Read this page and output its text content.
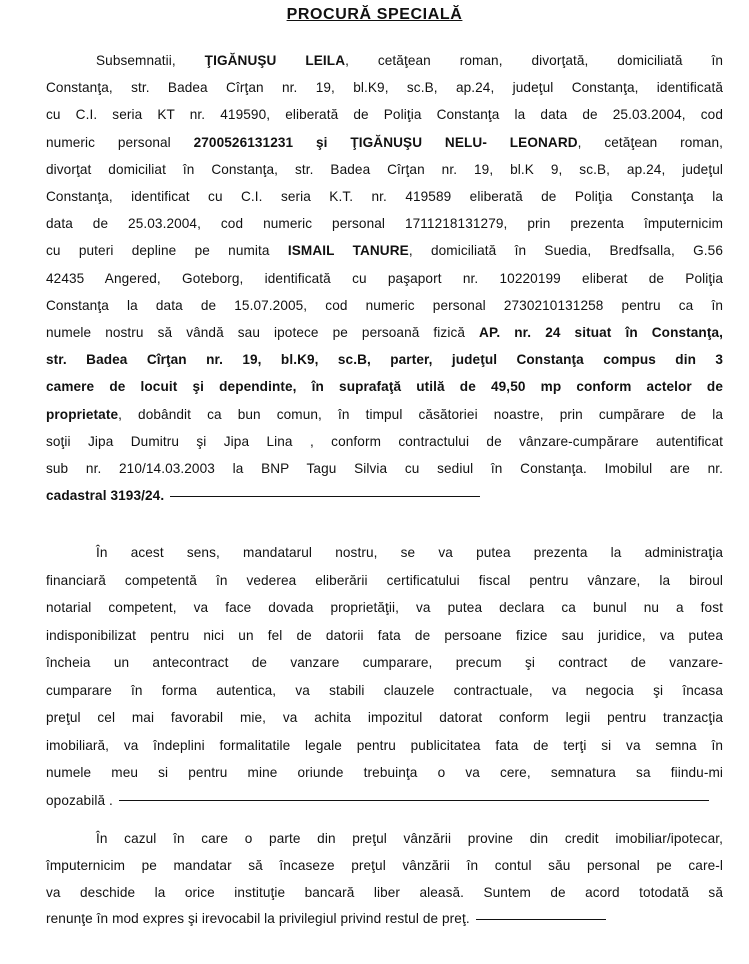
PROCURĂ SPECIALĂ
Subsemnatii, ŢIGĂNUŞU LEILA, cetăţean roman, divorţată, domiciliată în
Constanţa, str. Badea Cîrţan nr. 19, bl.K9, sc.B, ap.24, judeţul Constanţa, identificată
cu C.I. seria KT nr. 419590, eliberată de Poliţia Constanţa la data de 25.03.2004, cod
numeric personal 2700526131231 şi ŢIGĂNUŞU NELU- LEONARD, cetăţean roman,
divorţat domiciliat în Constanţa, str. Badea Cîrţan nr. 19, bl.K 9, sc.B, ap.24, judeţul
Constanţa, identificat cu C.I. seria K.T. nr. 419589 eliberată de Poliţia Constanţa la
data de 25.03.2004, cod numeric personal 1711218131279, prin prezenta împuternicim
cu puteri depline pe numita ISMAIL TANURE, domiciliată în Suedia, Bredfsalla, G.56
42435 Angered, Goteborg, identificată cu paşaport nr. 10220199 eliberat de Poliţia
Constanţa la data de 15.07.2005, cod numeric personal 2730210131258 pentru ca în
numele nostru să vândă sau ipotece pe persoană fizică AP. nr. 24 situat în Constanţa,
str. Badea Cîrţan nr. 19, bl.K9, sc.B, parter, judeţul Constanţa compus din 3
camere de locuit şi dependinte, în suprafaţă utilă de 49,50 mp conform actelor de
proprietate, dobândit ca bun comun, în timpul căsătoriei noastre, prin cumpărare de la
soţii Jipa Dumitru şi Jipa Lina , conform contractului de vânzare-cumpărare autentificat
sub nr. 210/14.03.2003 la BNP Tagu Silvia cu sediul în Constanţa. Imobilul are nr.
cadastral 3193/24.
În acest sens, mandatarul nostru, se va putea prezenta la administraţia
financiară competentă în vederea eliberării certificatului fiscal pentru vânzare, la biroul
notarial competent, va face dovada proprietăţii, va putea declara ca bunul nu a fost
indisponibilizat pentru nici un fel de datorii fata de persoane fizice sau juridice, va putea
încheia un antecontract de vanzare cumparare, precum şi contract de vanzare-
cumparare în forma autentica, va stabili clauzele contractuale, va negocia şi încasa
preţul cel mai favorabil mie, va achita impozitul datorat conform legii pentru tranzacţia
imobiliară, va îndeplini formalitatile legale pentru publicitatea fata de terţi si va semna în
numele meu si pentru mine oriunde trebuinţa o va cere, semnatura sa fiindu-mi
opozabilă .
În cazul în care o parte din preţul vânzării provine din credit imobiliar/ipotecar,
împuternicim pe mandatar să încaseze preţul vânzării în contul său personal pe care-l
va deschide la orice instituţie bancară liber aleasă. Suntem de acord totodată să
renunţe în mod expres şi irevocabil la privilegiul privind restul de preţ.
